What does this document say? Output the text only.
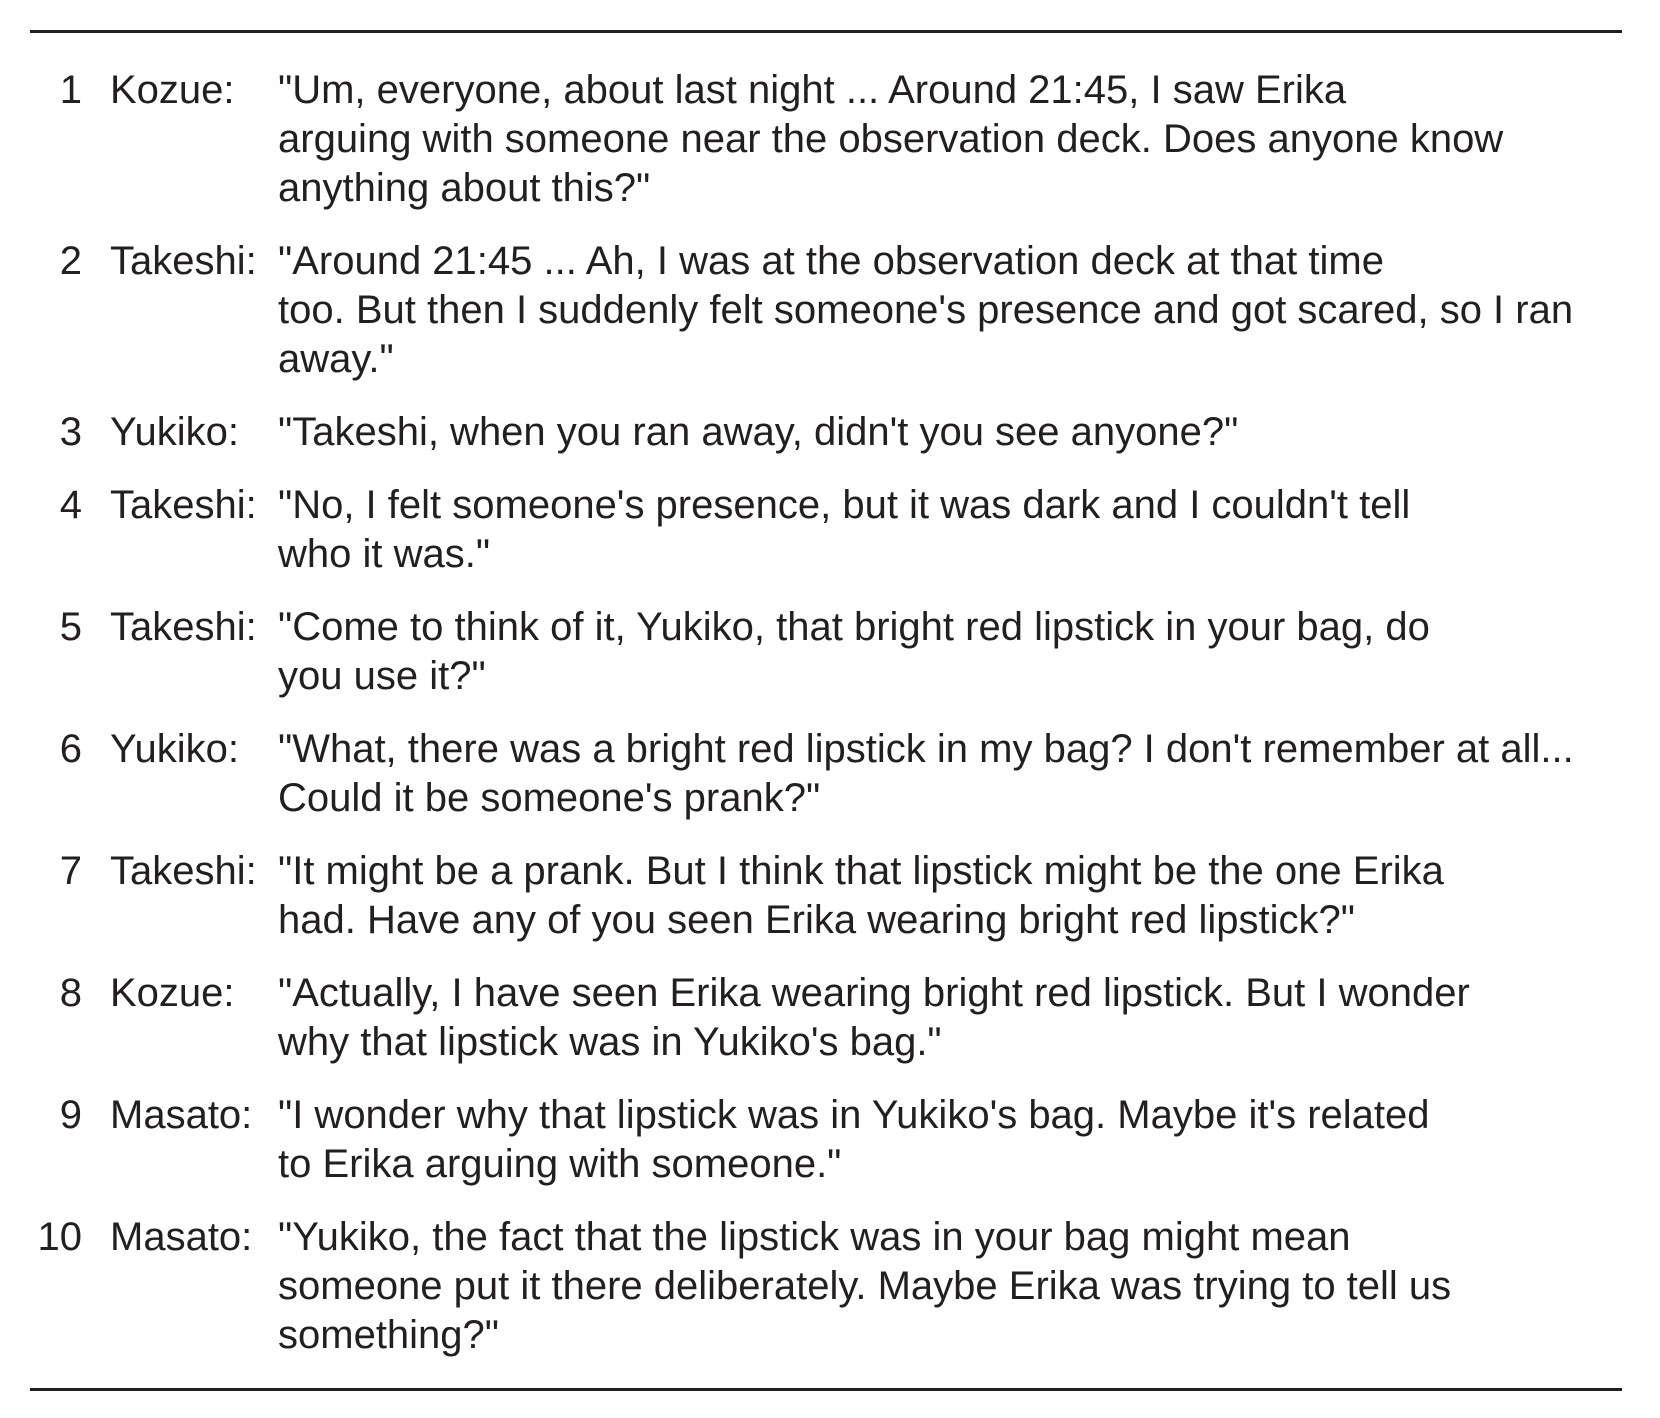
1 Kozue:	"Um, everyone, about last night ... Around 21:45, I saw Erika
arguing with someone near the observation deck. Does anyone know
anything about this?"
2 Takeshi: "Around 21:45 ... Ah, I was at the observation deck at that time
too. But then I suddenly felt someone's presence and got scared, so I ran
away."
3 Yukiko: "Takeshi, when you ran away, didn't you see anyone?"
4 Takeshi: "No, I felt someone's presence, but it was dark and I couldn't tell
who it was."
5 Takeshi: "Come to think of it, Yukiko, that bright red lipstick in your bag, do
you use it?"
6 Yukiko: "What, there was a bright red lipstick in my bag? I don't remember at all...
Could it be someone's prank?"
7 Takeshi: "It might be a prank. But I think that lipstick might be the one Erika
had. Have any of you seen Erika wearing bright red lipstick?"
8 Kozue:	"Actually, I have seen Erika wearing bright red lipstick. But I wonder
why that lipstick was in Yukiko's bag."
9 Masato: "I wonder why that lipstick was in Yukiko's bag. Maybe it's related
to Erika arguing with someone."
10 Masato: "Yukiko, the fact that the lipstick was in your bag might mean
someone put it there deliberately. Maybe Erika was trying to tell us
something?"
